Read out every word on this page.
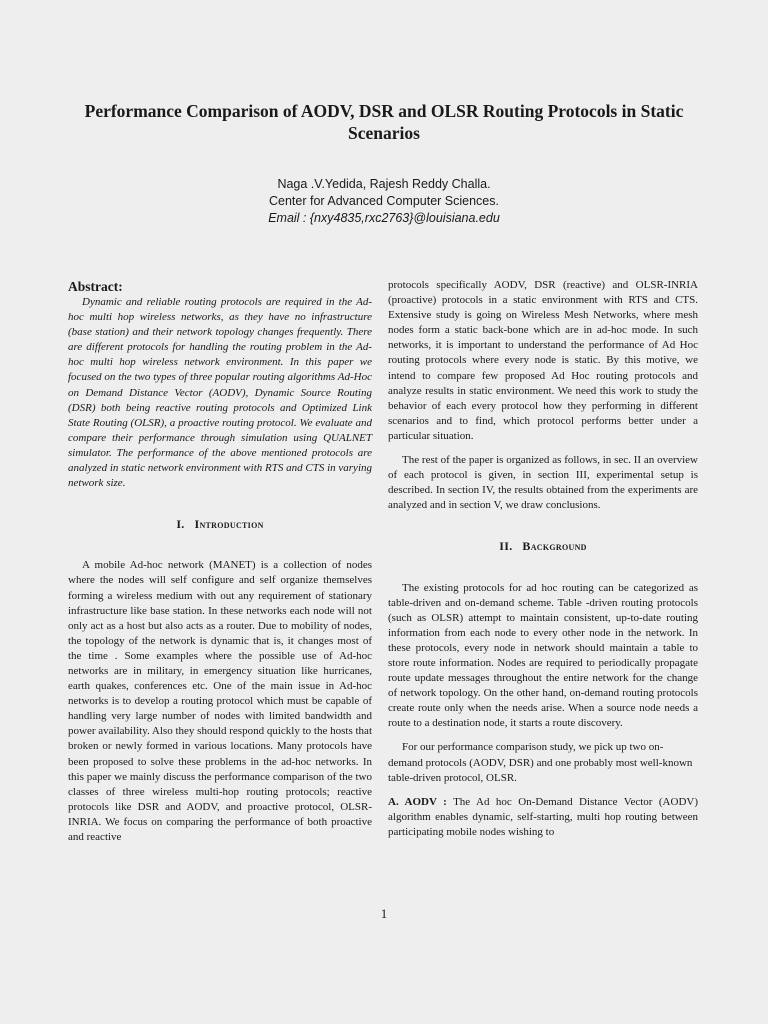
Performance Comparison of AODV, DSR and OLSR Routing Protocols in Static Scenarios
Naga .V.Yedida, Rajesh Reddy Challa.
Center for Advanced Computer Sciences.
Email : {nxy4835,rxc2763}@louisiana.edu
Abstract:

Dynamic and reliable routing protocols are required in the Ad-hoc multi hop wireless networks, as they have no infrastructure (base station) and their network topology changes frequently. There are different protocols for handling the routing problem in the Ad-hoc multi hop wireless network environment. In this paper we focused on the two types of three popular routing algorithms Ad-Hoc on Demand Distance Vector (AODV), Dynamic Source Routing (DSR) both being reactive routing protocols and Optimized Link State Routing (OLSR), a proactive routing protocol. We evaluate and compare their performance through simulation using QUALNET simulator. The performance of the above mentioned protocols are analyzed in static network environment with RTS and CTS in varying network size.

I. Introduction

A mobile Ad-hoc network (MANET) is a collection of nodes where the nodes will self configure and self organize themselves forming a wireless medium with out any requirement of stationary infrastructure like base station. In these networks each node will not only act as a host but also acts as a router. Due to mobility of nodes, the topology of the network is dynamic that is, it changes most of the time . Some examples where the possible use of Ad-hoc networks are in military, in emergency situation like hurricanes, earth quakes, conferences etc. One of the main issue in Ad-hoc networks is to develop a routing protocol which must be capable of handling very large number of nodes with limited bandwidth and power availability. Also they should respond quickly to the hosts that broken or newly formed in various locations. Many protocols have been proposed to solve these problems in the ad-hoc networks. In this paper we mainly discuss the performance comparison of the two classes of three wireless multi-hop routing protocols; reactive protocols like DSR and AODV, and proactive protocol, OLSR-INRIA. We focus on comparing the performance of both proactive and reactive

protocols specifically AODV, DSR (reactive) and OLSR-INRIA (proactive) protocols in a static environment with RTS and CTS. Extensive study is going on Wireless Mesh Networks, where mesh nodes form a static back-bone which are in ad-hoc mode. In such networks, it is important to understand the performance of Ad Hoc routing protocols where every node is static. By this motive, we intend to compare few proposed Ad Hoc routing protocols and analyze results in static environment. We need this work to study the behavior of each every protocol how they performing in different scenarios and to find, which protocol performs better under a particular situation.

The rest of the paper is organized as follows, in sec. II an overview of each protocol is given, in section III, experimental setup is described. In section IV, the results obtained from the experiments are analyzed and in section V, we draw conclusions.

II. Background

The existing protocols for ad hoc routing can be categorized as table-driven and on-demand scheme. Table -driven routing protocols (such as OLSR) attempt to maintain consistent, up-to-date routing information from each node to every other node in the network. In these protocols, every node in network should maintain a table to store route information. Nodes are required to periodically propagate route update messages throughout the entire network for the change of network topology. On the other hand, on-demand routing protocols create route only when the needs arise. When a source node needs a route to a destination node, it starts a route discovery.

For our performance comparison study, we pick up two on-demand protocols (AODV, DSR) and one probably most well-known table-driven protocol, OLSR.

A. AODV : The Ad hoc On-Demand Distance Vector (AODV) algorithm enables dynamic, self-starting, multi hop routing between participating mobile nodes wishing to

1
